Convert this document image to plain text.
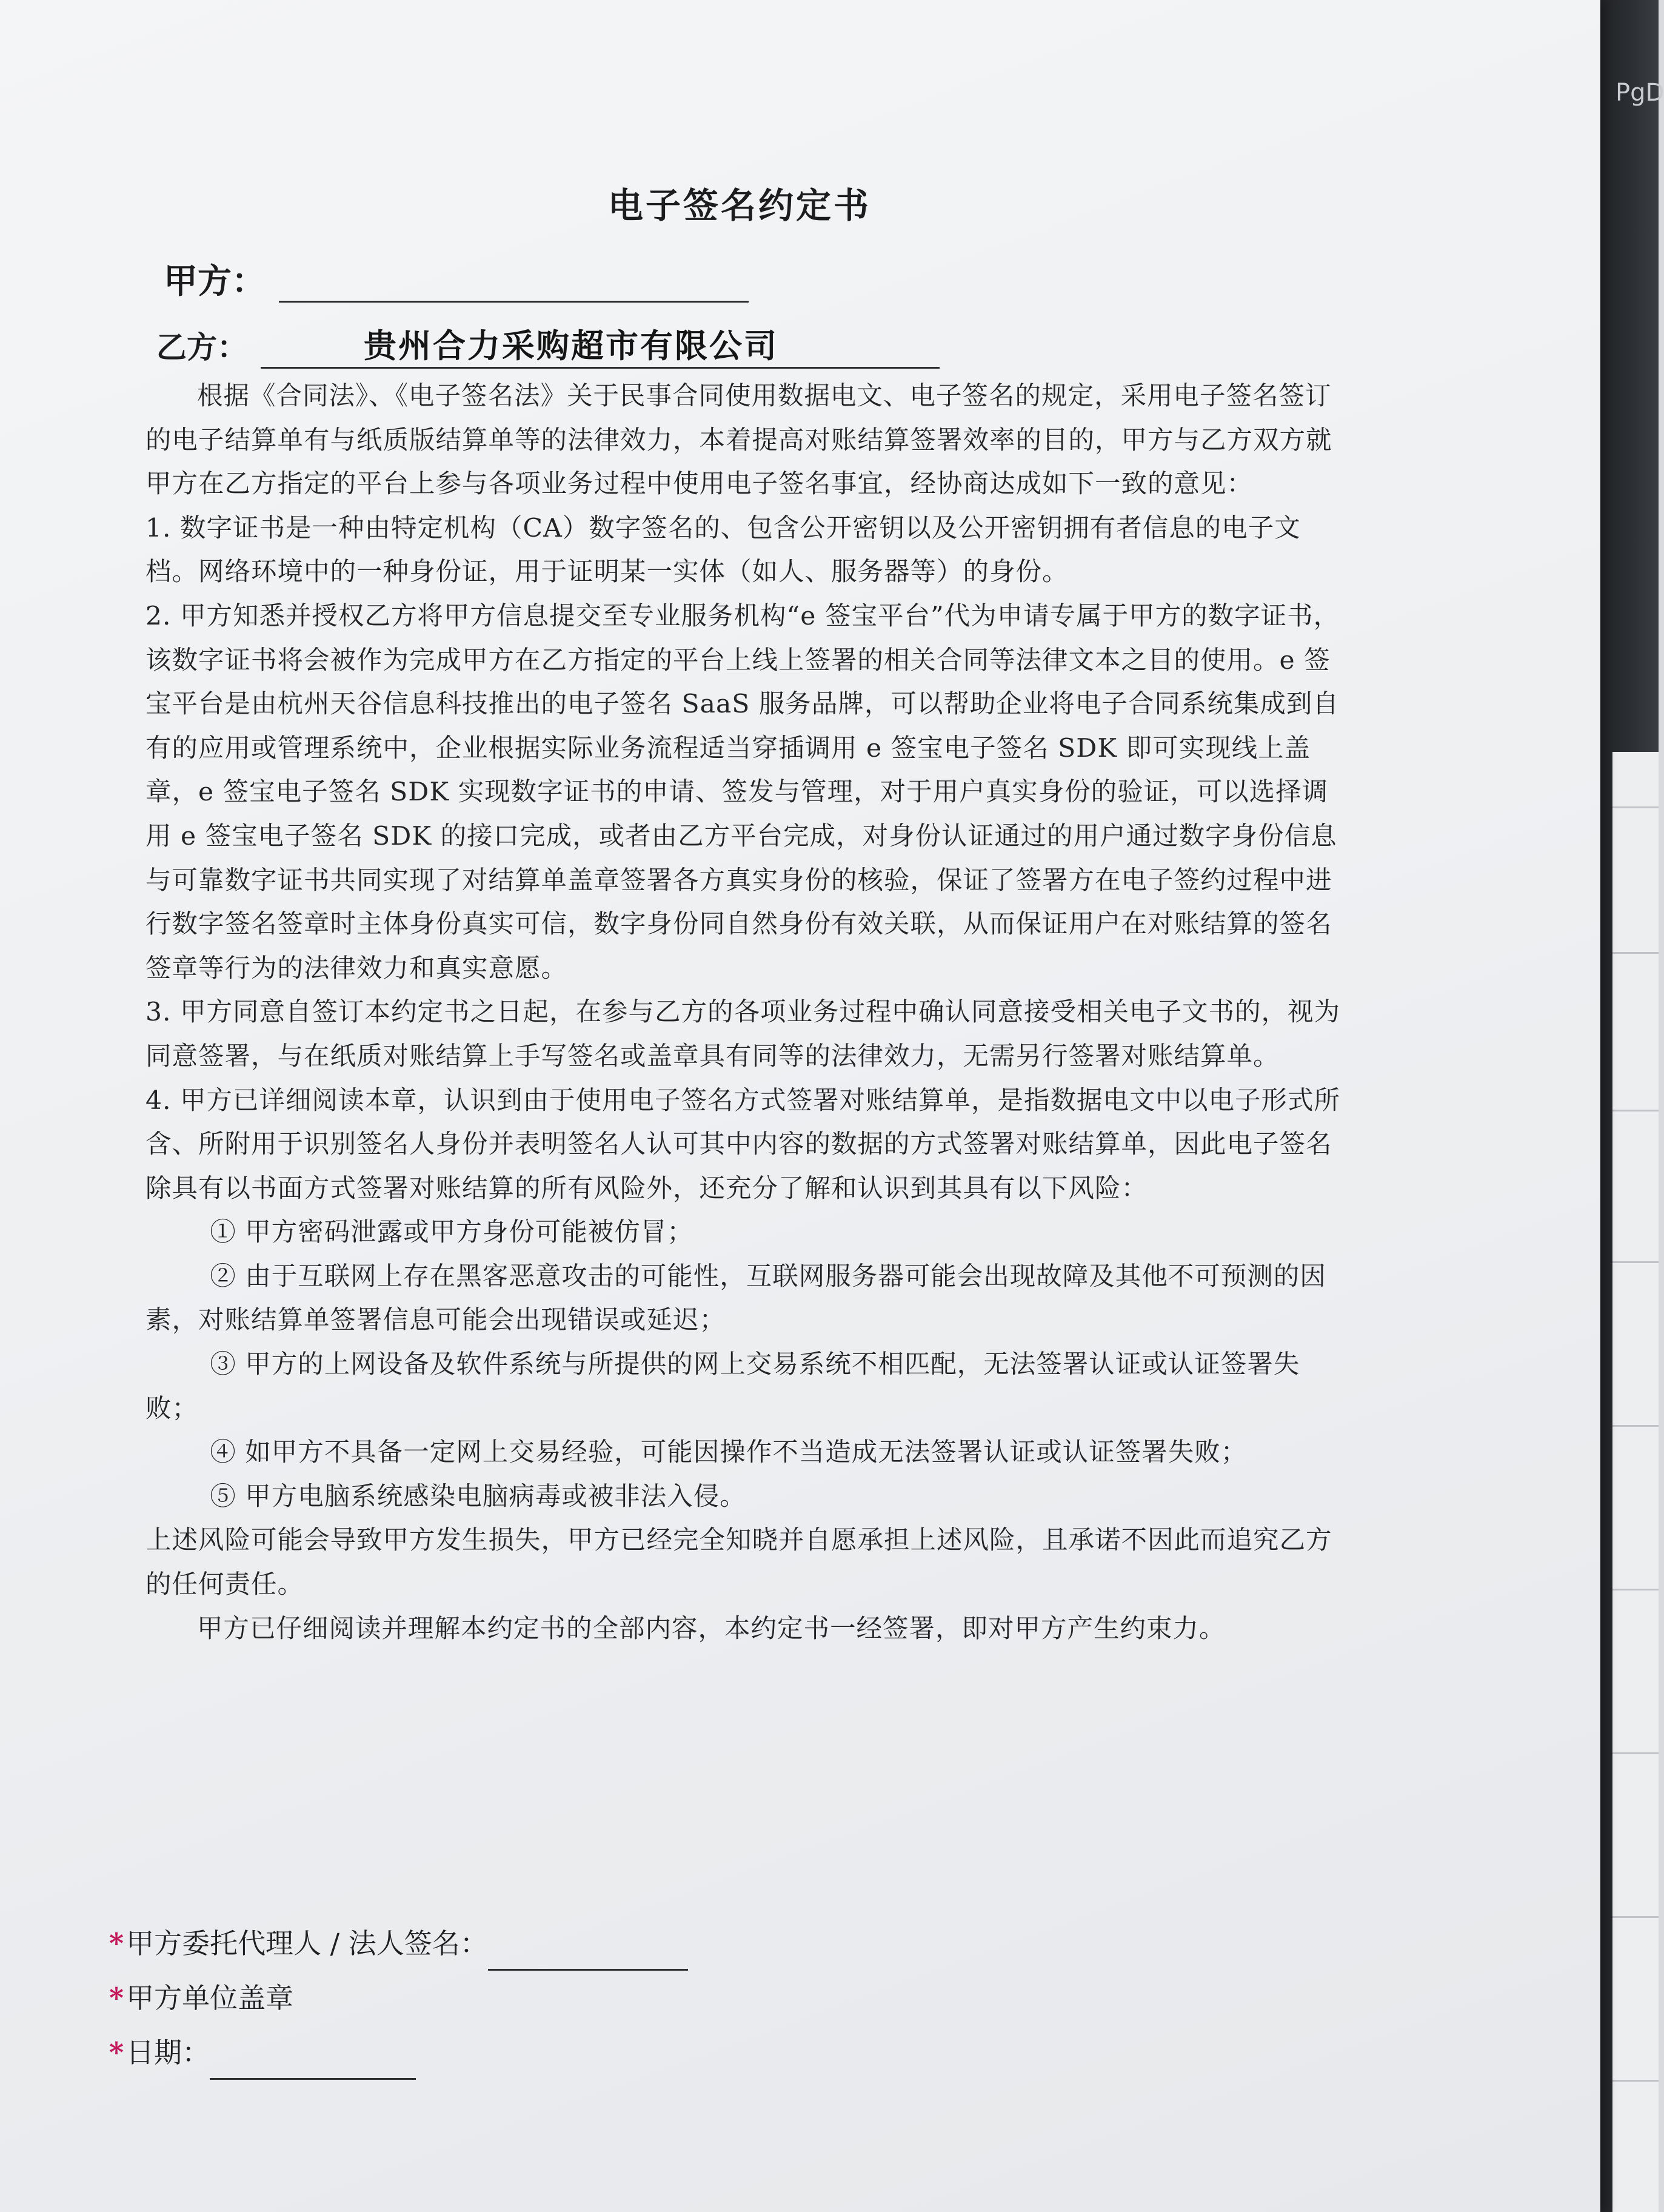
PgD
电子签名约定书
甲方：
乙方：	贵州合力采购超市有限公司

根据《合同法》、《电子签名法》关于民事合同使用数据电文、电子签名的规定，采用电子签名签订的电子结算单有与纸质版结算单等的法律效力，本着提高对账结算签署效率的目的，甲方与乙方双方就甲方在乙方指定的平台上参与各项业务过程中使用电子签名事宜，经协商达成如下一致的意见：

1. 数字证书是一种由特定机构（CA）数字签名的、包含公开密钥以及公开密钥拥有者信息的电子文档。网络环境中的一种身份证，用于证明某一实体（如人、服务器等）的身份。

2. 甲方知悉并授权乙方将甲方信息提交至专业服务机构“e 签宝平台”代为申请专属于甲方的数字证书，该数字证书将会被作为完成甲方在乙方指定的平台上线上签署的相关合同等法律文本之目的使用。e 签宝平台是由杭州天谷信息科技推出的电子签名 SaaS 服务品牌，可以帮助企业将电子合同系统集成到自有的应用或管理系统中，企业根据实际业务流程适当穿插调用 e 签宝电子签名 SDK 即可实现线上盖章，e 签宝电子签名 SDK 实现数字证书的申请、签发与管理，对于用户真实身份的验证，可以选择调用 e 签宝电子签名 SDK 的接口完成，或者由乙方平台完成，对身份认证通过的用户通过数字身份信息与可靠数字证书共同实现了对结算单盖章签署各方真实身份的核验，保证了签署方在电子签约过程中进行数字签名签章时主体身份真实可信，数字身份同自然身份有效关联，从而保证用户在对账结算的签名签章等行为的法律效力和真实意愿。

3. 甲方同意自签订本约定书之日起，在参与乙方的各项业务过程中确认同意接受相关电子文书的，视为同意签署，与在纸质对账结算上手写签名或盖章具有同等的法律效力，无需另行签署对账结算单。

4. 甲方已详细阅读本章，认识到由于使用电子签名方式签署对账结算单，是指数据电文中以电子形式所含、所附用于识别签名人身份并表明签名人认可其中内容的数据的方式签署对账结算单，因此电子签名除具有以书面方式签署对账结算的所有风险外，还充分了解和认识到其具有以下风险：

① 甲方密码泄露或甲方身份可能被仿冒；

② 由于互联网上存在黑客恶意攻击的可能性，互联网服务器可能会出现故障及其他不可预测的因素，对账结算单签署信息可能会出现错误或延迟；

③ 甲方的上网设备及软件系统与所提供的网上交易系统不相匹配，无法签署认证或认证签署失败；

④ 如甲方不具备一定网上交易经验，可能因操作不当造成无法签署认证或认证签署失败；

⑤ 甲方电脑系统感染电脑病毒或被非法入侵。

上述风险可能会导致甲方发生损失，甲方已经完全知晓并自愿承担上述风险，且承诺不因此而追究乙方的任何责任。

甲方已仔细阅读并理解本约定书的全部内容，本约定书一经签署，即对甲方产生约束力。

*甲方委托代理人 / 法人签名：
*甲方单位盖章
*日期：
